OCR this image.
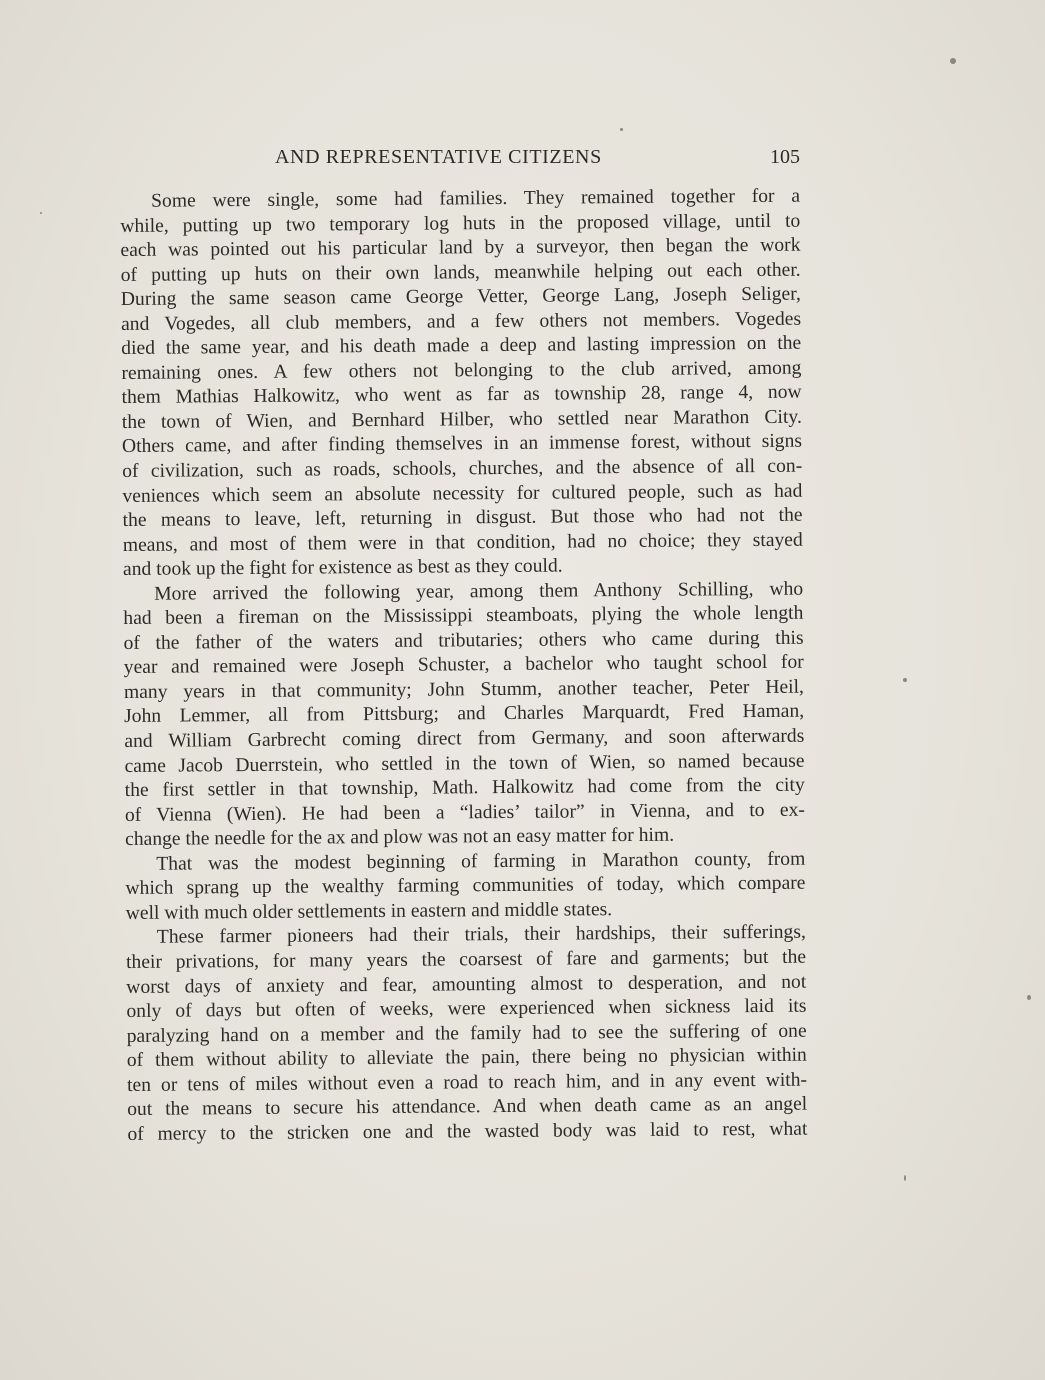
AND REPRESENTATIVE CITIZENS	105

Some were single, some had families. They remained together for a
while, putting up two temporary log huts in the proposed village, until to
each was pointed out his particular land by a surveyor, then began the work
of putting up huts on their own lands, meanwhile helping out each other.
During the same season came George Vetter, George Lang, Joseph Seliger,
and Vogedes, all club members, and a few others not members. Vogedes
died the same year, and his death made a deep and lasting impression on the
remaining ones. A few others not belonging to the club arrived, among
them Mathias Halkowitz, who went as far as township 28, range 4, now
the town of Wien, and Bernhard Hilber, who settled near Marathon City.
Others came, and after finding themselves in an immense forest, without signs
of civilization, such as roads, schools, churches, and the absence of all con-
veniences which seem an absolute necessity for cultured people, such as had
the means to leave, left, returning in disgust. But those who had not the
means, and most of them were in that condition, had no choice; they stayed
and took up the fight for existence as best as they could.

More arrived the following year, among them Anthony Schilling, who
had been a fireman on the Mississippi steamboats, plying the whole length
of the father of the waters and tributaries; others who came during this
year and remained were Joseph Schuster, a bachelor who taught school for
many years in that community; John Stumm, another teacher, Peter Heil,
John Lemmer, all from Pittsburg; and Charles Marquardt, Fred Haman,
and William Garbrecht coming direct from Germany, and soon afterwards
came Jacob Duerrstein, who settled in the town of Wien, so named because
the first settler in that township, Math. Halkowitz had come from the city
of Vienna (Wien). He had been a “ladies’ tailor” in Vienna, and to ex-
change the needle for the ax and plow was not an easy matter for him.

That was the modest beginning of farming in Marathon county, from
which sprang up the wealthy farming communities of today, which compare
well with much older settlements in eastern and middle states.

These farmer pioneers had their trials, their hardships, their sufferings,
their privations, for many years the coarsest of fare and garments; but the
worst days of anxiety and fear, amounting almost to desperation, and not
only of days but often of weeks, were experienced when sickness laid its
paralyzing hand on a member and the family had to see the suffering of one
of them without ability to alleviate the pain, there being no physician within
ten or tens of miles without even a road to reach him, and in any event with-
out the means to secure his attendance. And when death came as an angel
of mercy to the stricken one and the wasted body was laid to rest, what
